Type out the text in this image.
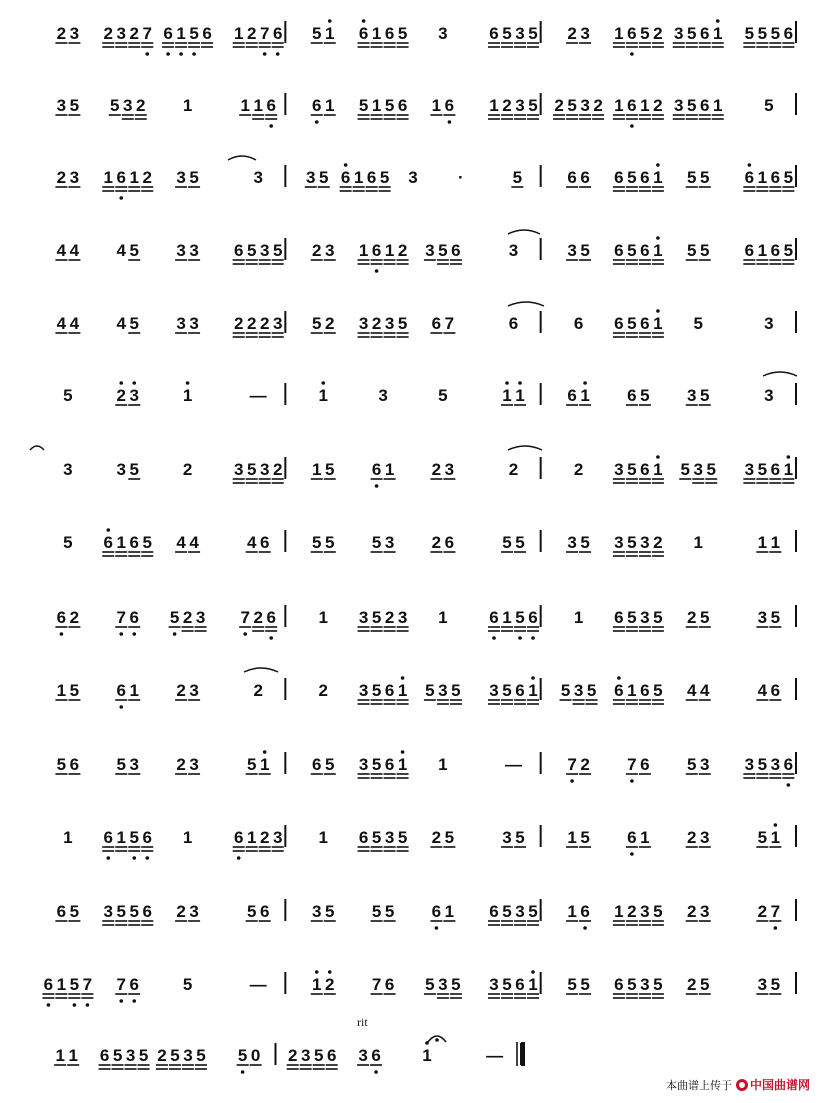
2 3 2 3 2 7 6 1 5 6 1 2 7 6 5 1 6 1 6 5 3 6 5 3 5 2 3 1 6 5 2 3 5 6 1 5 5 5 6
3 5 5 3 2 1	1 1 6 6 1 5 1 5 6 1 6 1 2 3 5 2 5 3 2 1 6 1 2 3 5 6 1 5
2 3 1 6 1 2 3 5	3	3 5 6 1 6 5 3 ·	5	6 6 6 5 6 1 5 5 6 1 6 5
4 4 4 5 3 3 6 5 3 5 2 3 1 6 1 2 3 5 6	3	3 5 6 5 6 1 5 5 6 1 6 5
4 4 4 5 3 3 2 2 2 3 5 2 3 2 3 5 6 7	6	6 6 5 6 1 5	3
5	2 3	1	—	1	3	5	1 1	6 1 6 5 3 5	3
3	3 5	2 3 5 3 2 1 5 6 1 2 3	2	2 3 5 6 1 5 3 5 3 5 6 1
5 6 1 6 5 4 4	4 6	5 5 5 3 2 6	5 5	3 5 3 5 3 2 1	1 1
6 2 7 6 5 2 3 7 2 6	1 3 5 2 3 1 6 1 5 6 1 6 5 3 5 2 5	3 5
1 5 6 1 2 3	2	2 3 5 6 1 5 3 5 3 5 6 1 5 3 5 6 1 6 5 4 4	4 6
5 6 5 3 2 3	5 1	6 5 3 5 6 1 1	—	7 2 7 6 5 3 3 5 3 6
1 6 1 5 6 1 6 1 2 3 1 6 5 3 5 2 5	3 5	1 5 6 1 2 3	5 1
6 5 3 5 5 6 2 3	5 6	3 5 5 5 6 1 6 5 3 5 1 6 1 2 3 5 2 3	2 7
6 1 5 7 7 6	5	—	1 2 7 6 5 3 5 3 5 6 1 5 5 6 5 3 5 2 5	3 5
1 1 6 5 3 5 2 5 3 5 5 0 2 3 5 6 3 6 1	—
rit
本曲谱上传于 中国曲谱网
